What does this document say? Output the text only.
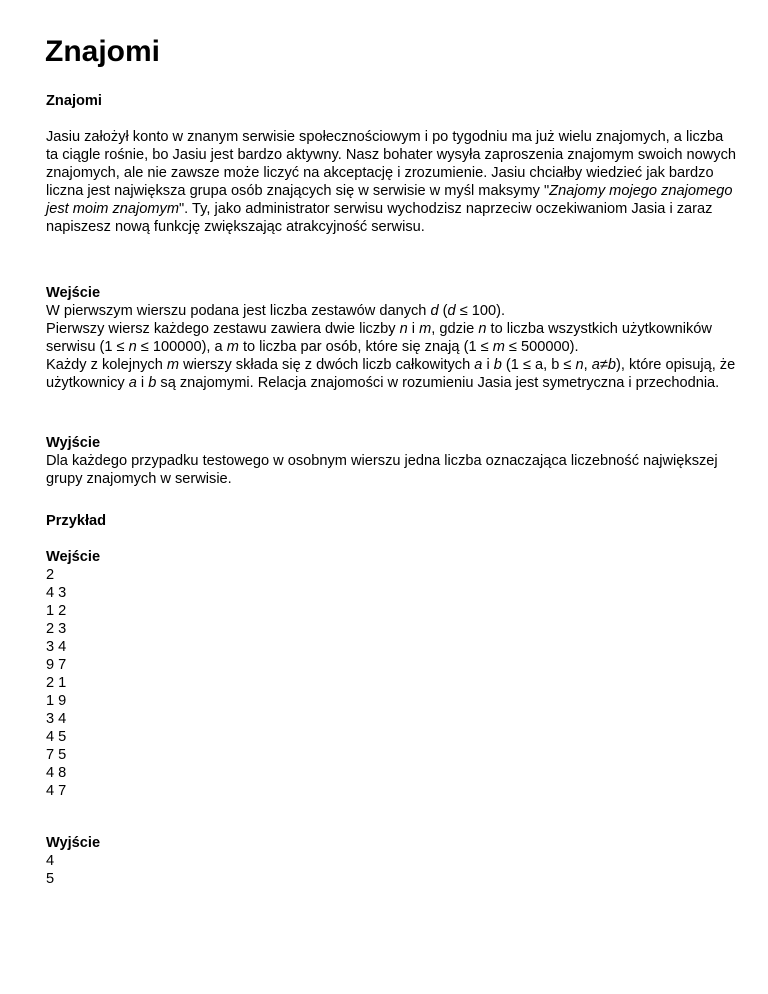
Znajomi
Znajomi

Jasiu założył konto w znanym serwisie społecznościowym i po tygodniu ma już wielu znajomych, a liczba ta ciągle rośnie, bo Jasiu jest bardzo aktywny. Nasz bohater wysyła zaproszenia znajomym swoich nowych znajomych, ale nie zawsze może liczyć na akceptację i zrozumienie. Jasiu chciałby wiedzieć jak bardzo liczna jest największa grupa osób znających się w serwisie w myśl maksymy "Znajomy mojego znajomego jest moim znajomym". Ty, jako administrator serwisu wychodzisz naprzeciw oczekiwaniom Jasia i zaraz napiszesz nową funkcję zwiększając atrakcyjność serwisu.

Wejście

W pierwszym wierszu podana jest liczba zestawów danych d (d ≤ 100).

Pierwszy wiersz każdego zestawu zawiera dwie liczby n i m, gdzie n to liczba wszystkich użytkowników serwisu (1 ≤ n ≤ 100000), a m to liczba par osób, które się znają (1 ≤ m ≤ 500000).

Każdy z kolejnych m wierszy składa się z dwóch liczb całkowitych a i b (1 ≤ a, b ≤ n, a≠b), które opisują, że użytkownicy a i b są znajomymi. Relacja znajomości w rozumieniu Jasia jest symetryczna i przechodnia.

Wyjście

Dla każdego przypadku testowego w osobnym wierszu jedna liczba oznaczająca liczebność największej grupy znajomych w serwisie.

Przykład
Wejście
2
4 3
1 2
2 3
3 4
9 7
2 1
1 9
3 4
4 5
7 5
4 8
4 7
Wyjście
4
5
